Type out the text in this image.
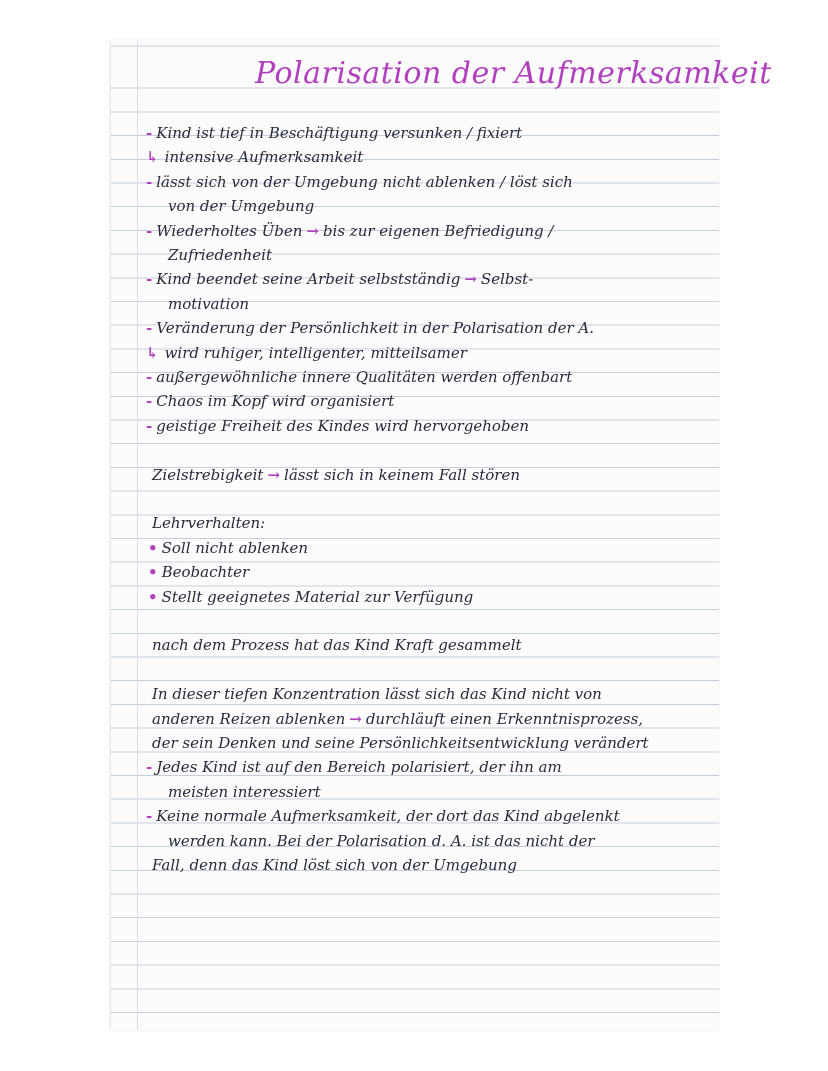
Polarisation der Aufmerksamkeit
- Kind ist tief in Beschäftigung versunken / fixiert
↳ intensive Aufmerksamkeit
- lässt sich von der Umgebung nicht ablenken / löst sich
von der Umgebung
- Wiederholtes Üben → bis zur eigenen Befriedigung /
Zufriedenheit
- Kind beendet seine Arbeit selbstständig → Selbst-
motivation
- Veränderung der Persönlichkeit in der Polarisation der A.
↳ wird ruhiger, intelligenter, mitteilsamer
- außergewöhnliche innere Qualitäten werden offenbart
- Chaos im Kopf wird organisiert
- geistige Freiheit des Kindes wird hervorgehoben
Zielstrebigkeit → lässt sich in keinem Fall stören
Lehrverhalten:
• Soll nicht ablenken
• Beobachter
• Stellt geeignetes Material zur Verfügung
nach dem Prozess hat das Kind Kraft gesammelt
In dieser tiefen Konzentration lässt sich das Kind nicht von
anderen Reizen ablenken → durchläuft einen Erkenntnisprozess,
der sein Denken und seine Persönlichkeitsentwicklung verändert
- Jedes Kind ist auf den Bereich polarisiert, der ihn am
meisten interessiert
- Keine normale Aufmerksamkeit, der dort das Kind abgelenkt
werden kann. Bei der Polarisation d. A. ist das nicht der
Fall, denn das Kind löst sich von der Umgebung
